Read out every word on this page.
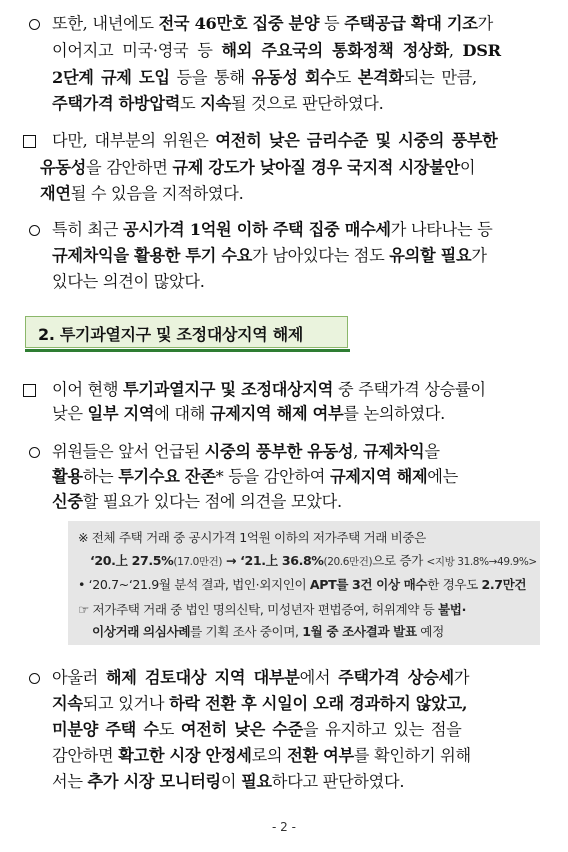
또한, 내년에도 전국 46만호 집중 분양 등 주택공급 확대 기조가
이어지고 미국·영국 등 해외 주요국의 통화정책 정상화, DSR
2단계 규제 도입 등을 통해 유동성 회수도 본격화되는 만큼,
주택가격 하방압력도 지속될 것으로 판단하였다.
다만, 대부분의 위원은 여전히 낮은 금리수준 및 시중의 풍부한
유동성을 감안하면 규제 강도가 낮아질 경우 국지적 시장불안이
재연될 수 있음을 지적하였다.
특히 최근 공시가격 1억원 이하 주택 집중 매수세가 나타나는 등
규제차익을 활용한 투기 수요가 남아있다는 점도 유의할 필요가
있다는 의견이 많았다.
2. 투기과열지구 및 조정대상지역 해제
이어 현행 투기과열지구 및 조정대상지역 중 주택가격 상승률이
낮은 일부 지역에 대해 규제지역 해제 여부를 논의하였다.
위원들은 앞서 언급된 시중의 풍부한 유동성, 규제차익을
활용하는 투기수요 잔존* 등을 감안하여 규제지역 해제에는
신중할 필요가 있다는 점에 의견을 모았다.
※ 전체 주택 거래 중 공시가격 1억원 이하의 저가주택 거래 비중은
‘20.上 27.5%(17.0만건) → ‘21.上 36.8%(20.6만건)으로 증가 <지방 31.8%→49.9%>
• ‘20.7~‘21.9월 분석 결과, 법인·외지인이 APT를 3건 이상 매수한 경우도 2.7만건
☞ 저가주택 거래 중 법인 명의신탁, 미성년자 편법증여, 허위계약 등 불법·
이상거래 의심사례를 기획 조사 중이며, 1월 중 조사결과 발표 예정
아울러 해제 검토대상 지역 대부분에서 주택가격 상승세가
지속되고 있거나 하락 전환 후 시일이 오래 경과하지 않았고,
미분양 주택 수도 여전히 낮은 수준을 유지하고 있는 점을
감안하면 확고한 시장 안정세로의 전환 여부를 확인하기 위해
서는 추가 시장 모니터링이 필요하다고 판단하였다.
- 2 -
